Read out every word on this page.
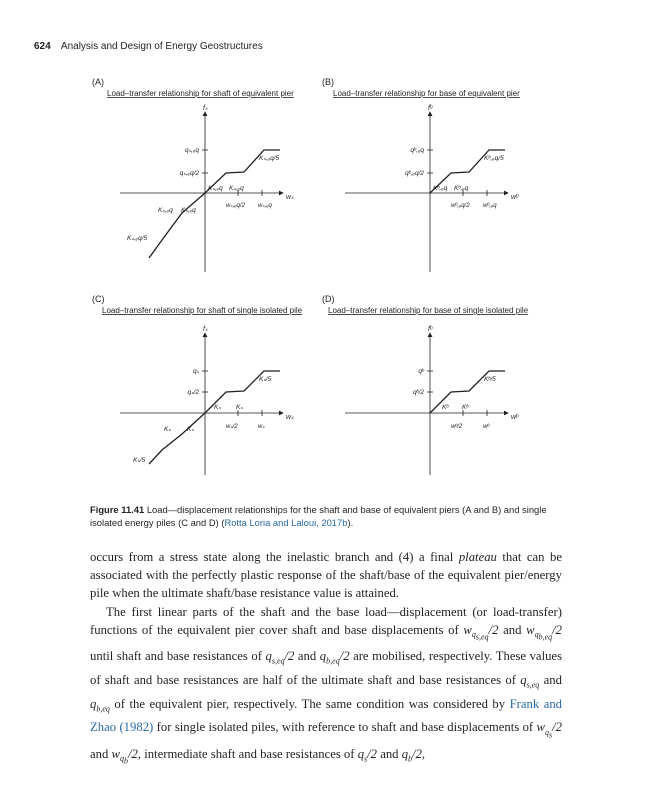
624 Analysis and Design of Energy Geostructures
(A)
Load–transfer relationship for shaft of equivalent pier
fₛ
wₛ
qₛ,ₑq
qₛ,ₑq/2
Kₛ,ₑq/5
Kₛ,ₑq Kₛ,ₑq
Kₛ,ₑq Kₛ,ₑq
Kₛ,ₑq/5
wₛ,ₑq/2 wₛ,ₑq
(B)
Load–transfer relationship for base of equivalent pier
fᵇ
wᵇ
qᵇ,ₑq
qᵇ,ₑq/2
Kᵇ,ₑq/5
Kᵇ,ₑq Kᵇ,ₑq
wᵇ,ₑq/2 wᵇ,ₑq
(C)
Load–transfer relationship for shaft of single isolated pile
fₛ
wₛ
qₛ
qₛ/2
Kₛ/5
Kₛ Kₛ
Kₛ Kₛ
Kₛ/5
wₛ/2	wₛ
(D)
Load–transfer relationship for base of single isolated pile
fᵇ
wᵇ
qᵇ
qᵇ/2
Kᵇ/5
Kᵇ Kᵇ
wᵇ/2	wᵇ
Figure 11.41 Load—displacement relationships for the shaft and base of equivalent piers (A and B) and single isolated energy piles (C and D) (Rotta Loria and Laloui, 2017b).

occurs from a stress state along the inelastic branch and (4) a final plateau that can be associated with the perfectly plastic response of the shaft/base of the equivalent pier/energy pile when the ultimate shaft/base resistance value is attained.

The first linear parts of the shaft and the base load—displacement (or load-transfer) functions of the equivalent pier cover shaft and base displacements of $w_{q_{s,eq}}/2$ and $w_{q_{b,eq}}/2$ until shaft and base resistances of $q_{s,eq}/2$ and $q_{b,eq}/2$ are mobilised, respectively. These values of shaft and base resistances are half of the ultimate shaft and base resistances of $q_{s,eq}$ and $q_{b,eq}$ of the equivalent pier, respectively. The same condition was considered by Frank and Zhao (1982) for single isolated piles, with reference to shaft and base displacements of $w_{q_s}/2$ and $w_{q_b}/2$, intermediate shaft and base resistances of $q_s/2$ and $q_b/2$,
